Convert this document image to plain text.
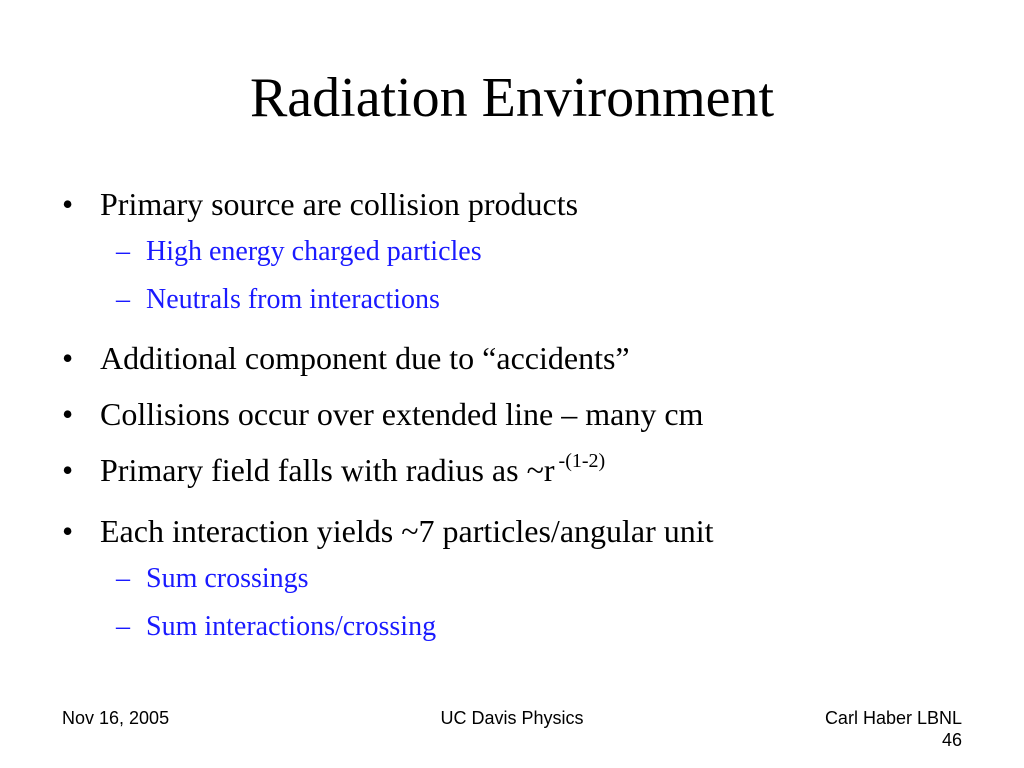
Radiation Environment
• Primary source are collision products
– High energy charged particles
– Neutrals from interactions
• Additional component due to “accidents”
• Collisions occur over extended line – many cm
• Primary field falls with radius as ~r $^{-(1-2)}$
• Each interaction yields ~7 particles/angular unit
– Sum crossings
– Sum interactions/crossing
Nov 16, 2005	UC Davis Physics	Carl Haber LBNL
46
